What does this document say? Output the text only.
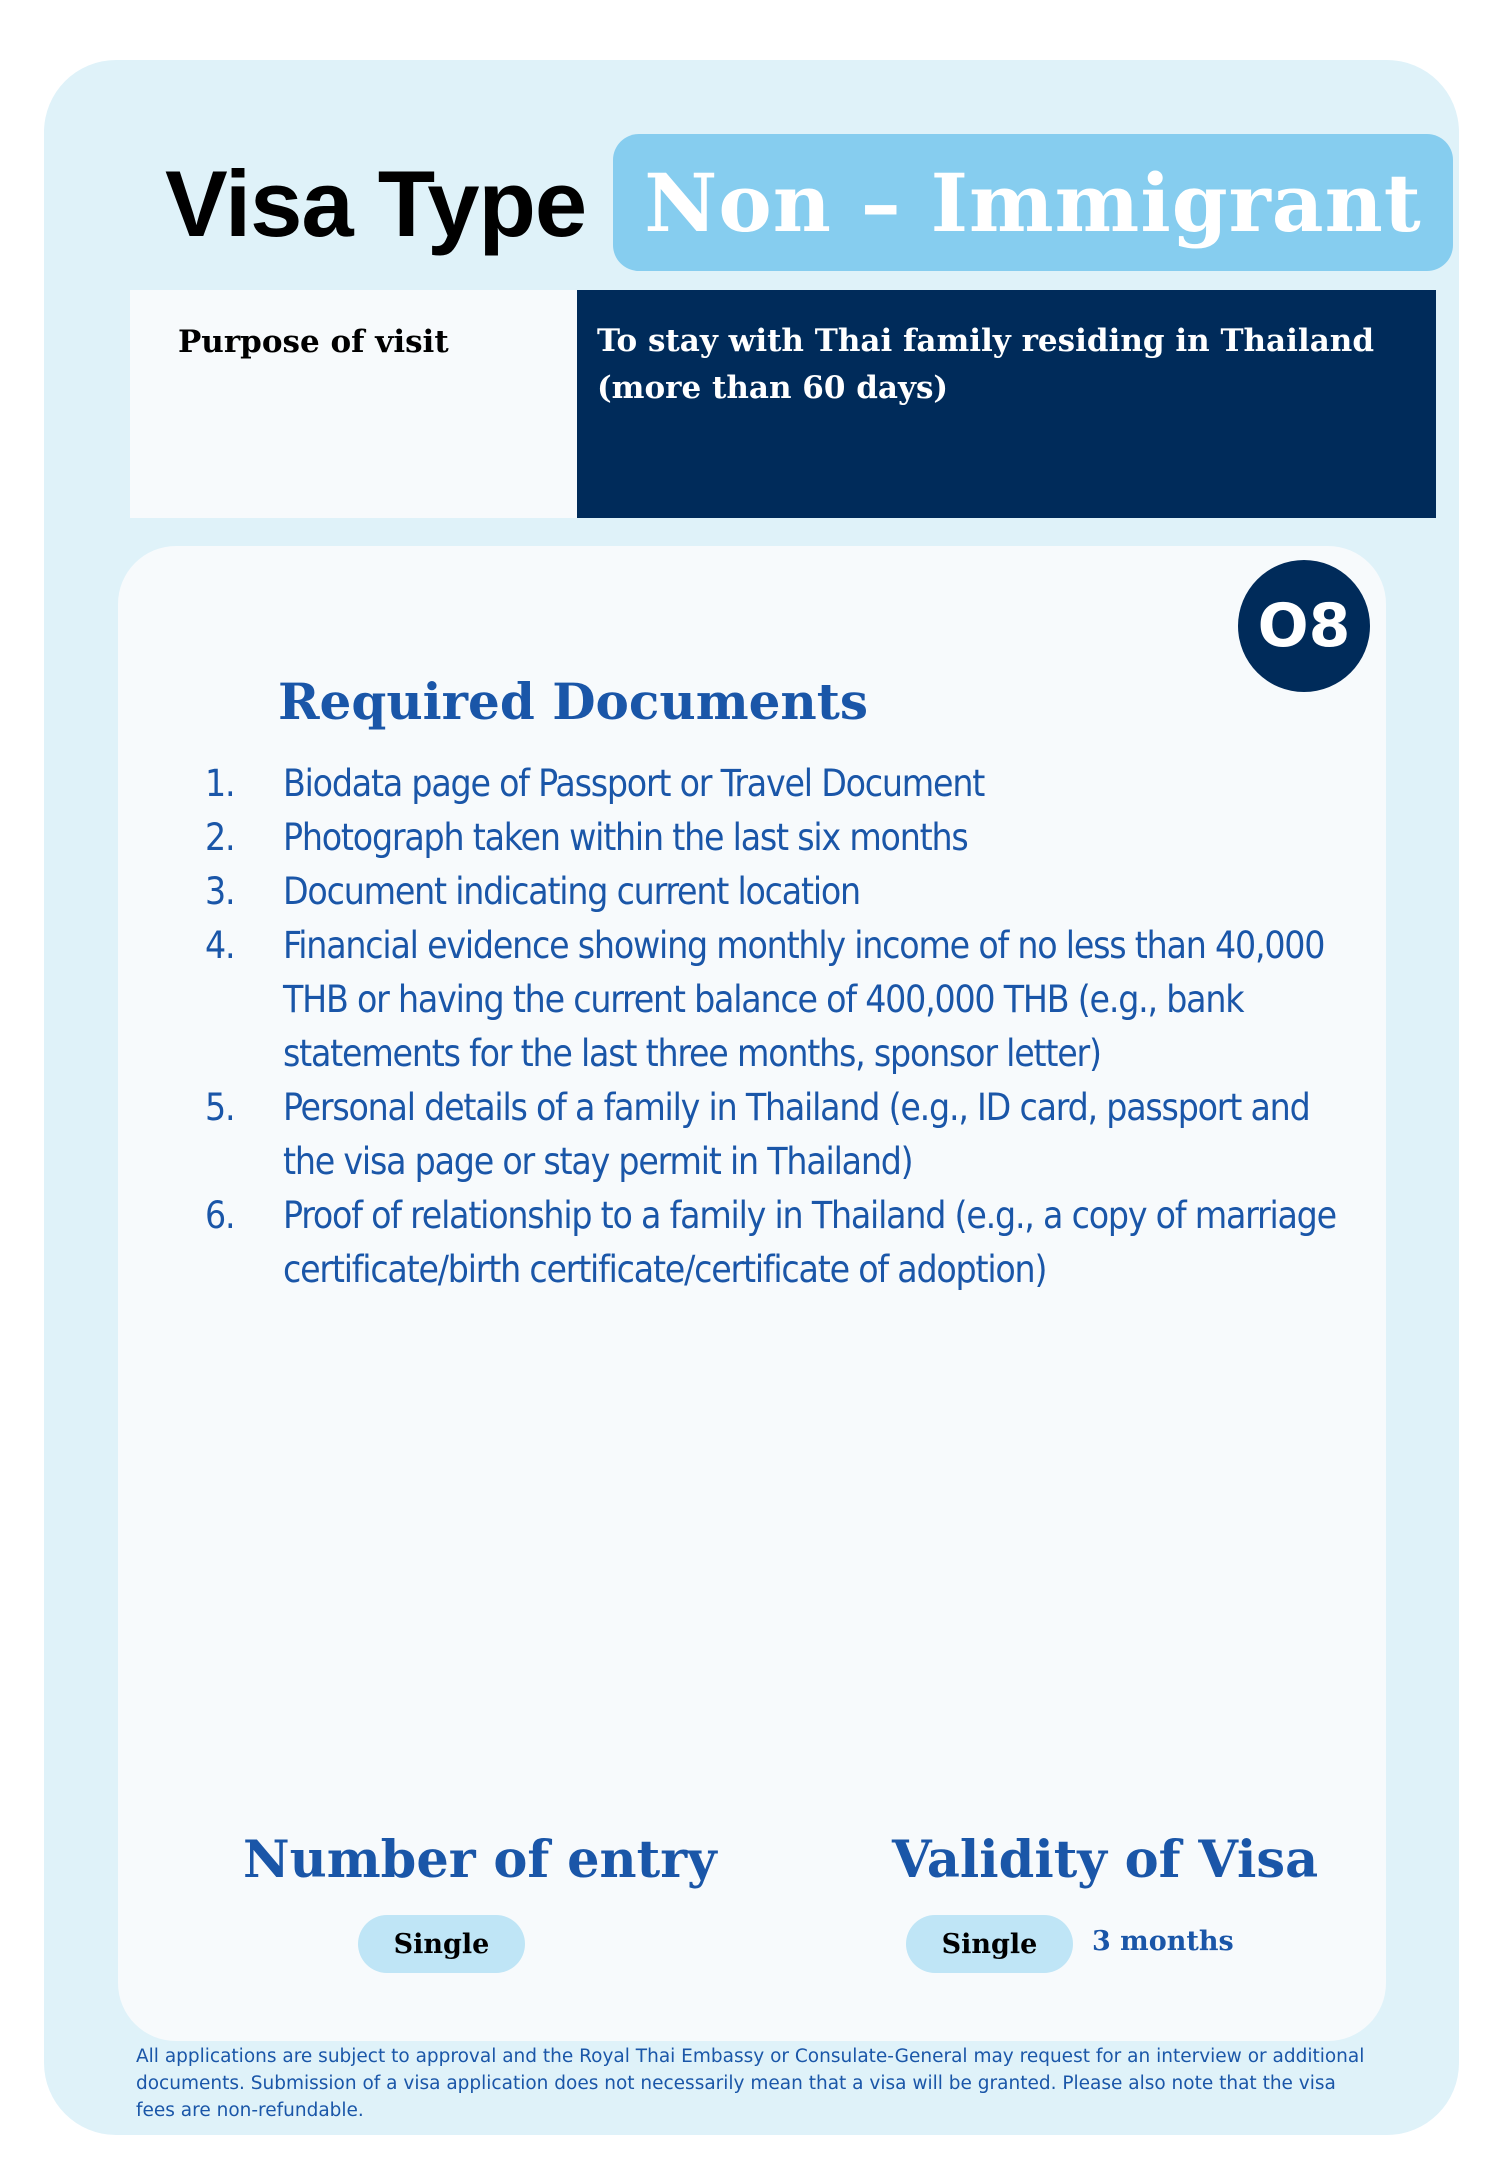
Visa Type Non – Immigrant
Purpose of visit	To stay with Thai family residing in Thailand (more than 60 days)
O8
Required Documents
1. Biodata page of Passport or Travel Document
2. Photograph taken within the last six months
3. Document indicating current location
4. Financial evidence showing monthly income of no less than 40,000 THB or having the current balance of 400,000 THB (e.g., bank statements for the last three months, sponsor letter)
5. Personal details of a family in Thailand (e.g., ID card, passport and the visa page or stay permit in Thailand)
6. Proof of relationship to a family in Thailand (e.g., a copy of marriage certificate/birth certificate/certificate of adoption)
Number of entry
Single
Validity of Visa
Single	3 months
All applications are subject to approval and the Royal Thai Embassy or Consulate-General may request for an interview or additional documents. Submission of a visa application does not necessarily mean that a visa will be granted. Please also note that the visa fees are non-refundable.
